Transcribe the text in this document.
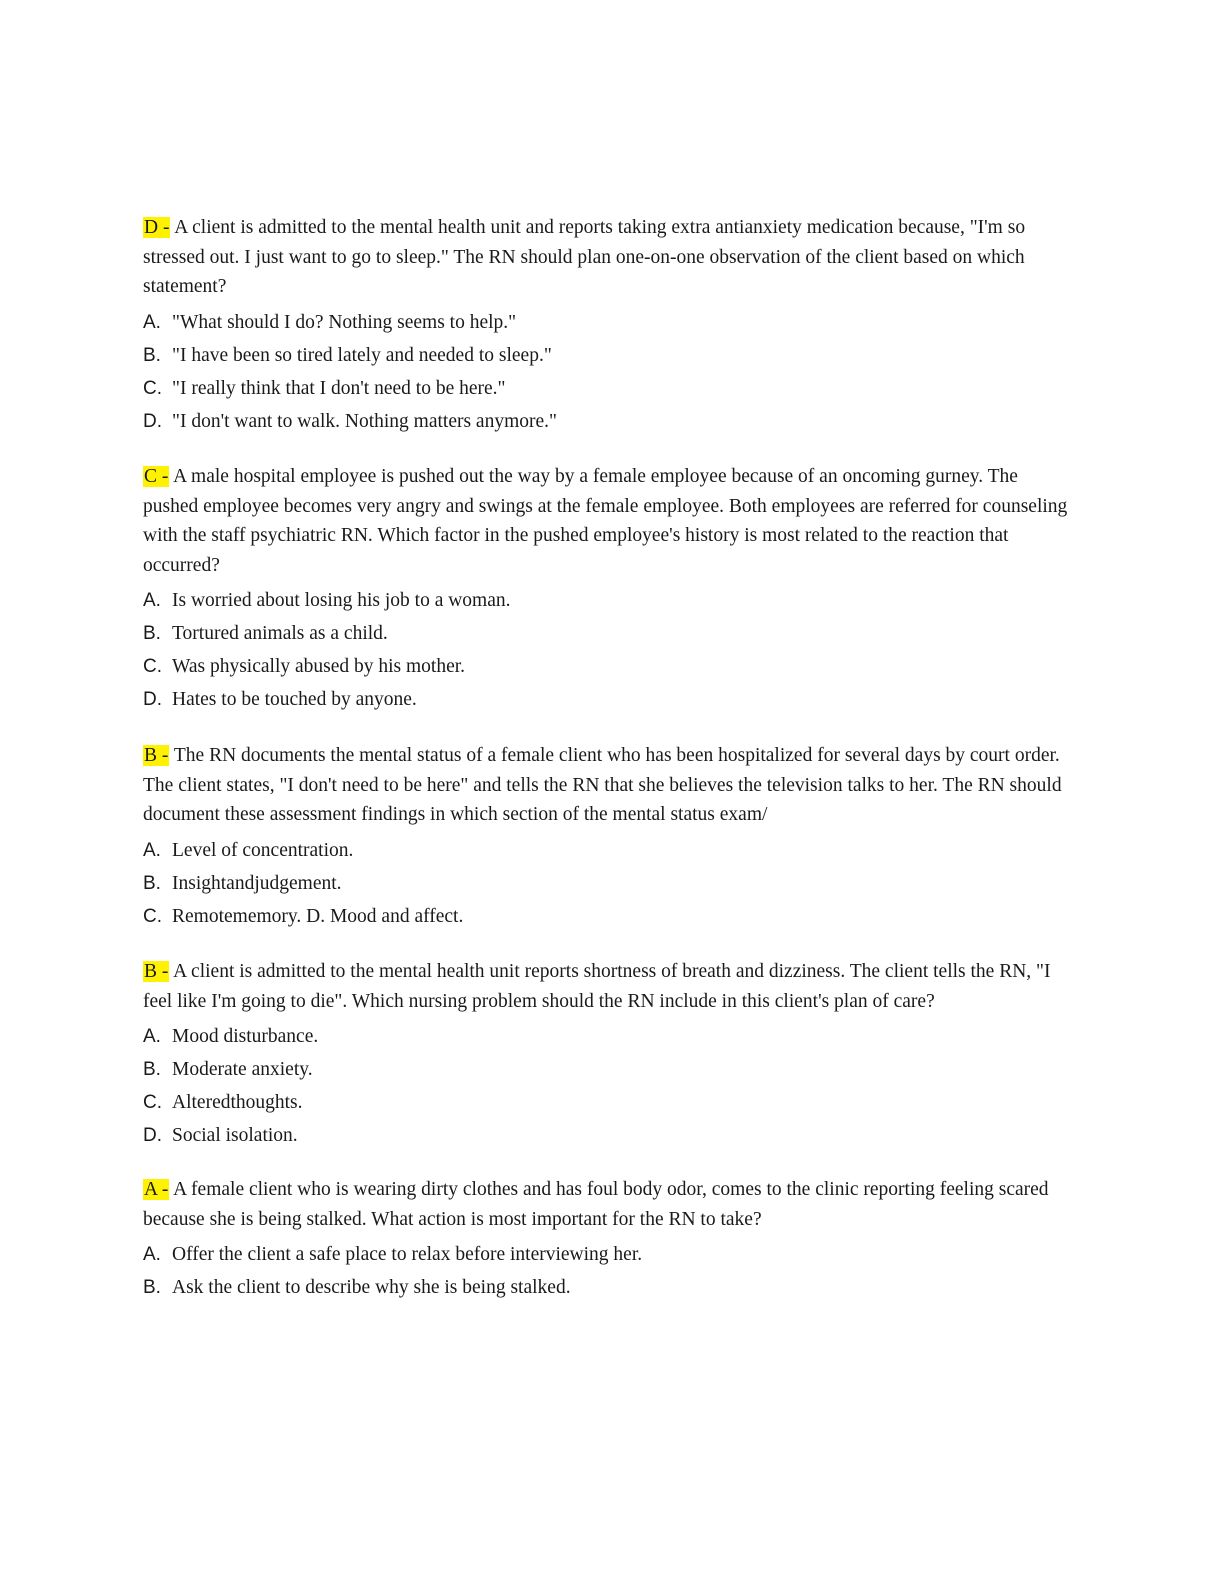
D - A client is admitted to the mental health unit and reports taking extra antianxiety medication because, "I'm so stressed out. I just want to go to sleep." The RN should plan one-on-one observation of the client based on which statement?

A. "What should I do? Nothing seems to help."
B. "I have been so tired lately and needed to sleep."
C. "I really think that I don't need to be here."
D. "I don't want to walk. Nothing matters anymore."

C - A male hospital employee is pushed out the way by a female employee because of an oncoming gurney. The pushed employee becomes very angry and swings at the female employee. Both employees are referred for counseling with the staff psychiatric RN. Which factor in the pushed employee's history is most related to the reaction that occurred?

A. Is worried about losing his job to a woman.
B. Tortured animals as a child.
C. Was physically abused by his mother.
D. Hates to be touched by anyone.

B - The RN documents the mental status of a female client who has been hospitalized for several days by court order. The client states, "I don't need to be here" and tells the RN that she believes the television talks to her. The RN should document these assessment findings in which section of the mental status exam/

A. Level of concentration.
B. Insightandjudgement.
C. Remotememory. D. Mood and affect.

B - A client is admitted to the mental health unit reports shortness of breath and dizziness. The client tells the RN, "I feel like I'm going to die". Which nursing problem should the RN include in this client's plan of care?

A. Mood disturbance.
B. Moderate anxiety.
C. Alteredthoughts.
D. Social isolation.

A - A female client who is wearing dirty clothes and has foul body odor, comes to the clinic reporting feeling scared because she is being stalked. What action is most important for the RN to take?

A. Offer the client a safe place to relax before interviewing her.
B. Ask the client to describe why she is being stalked.
